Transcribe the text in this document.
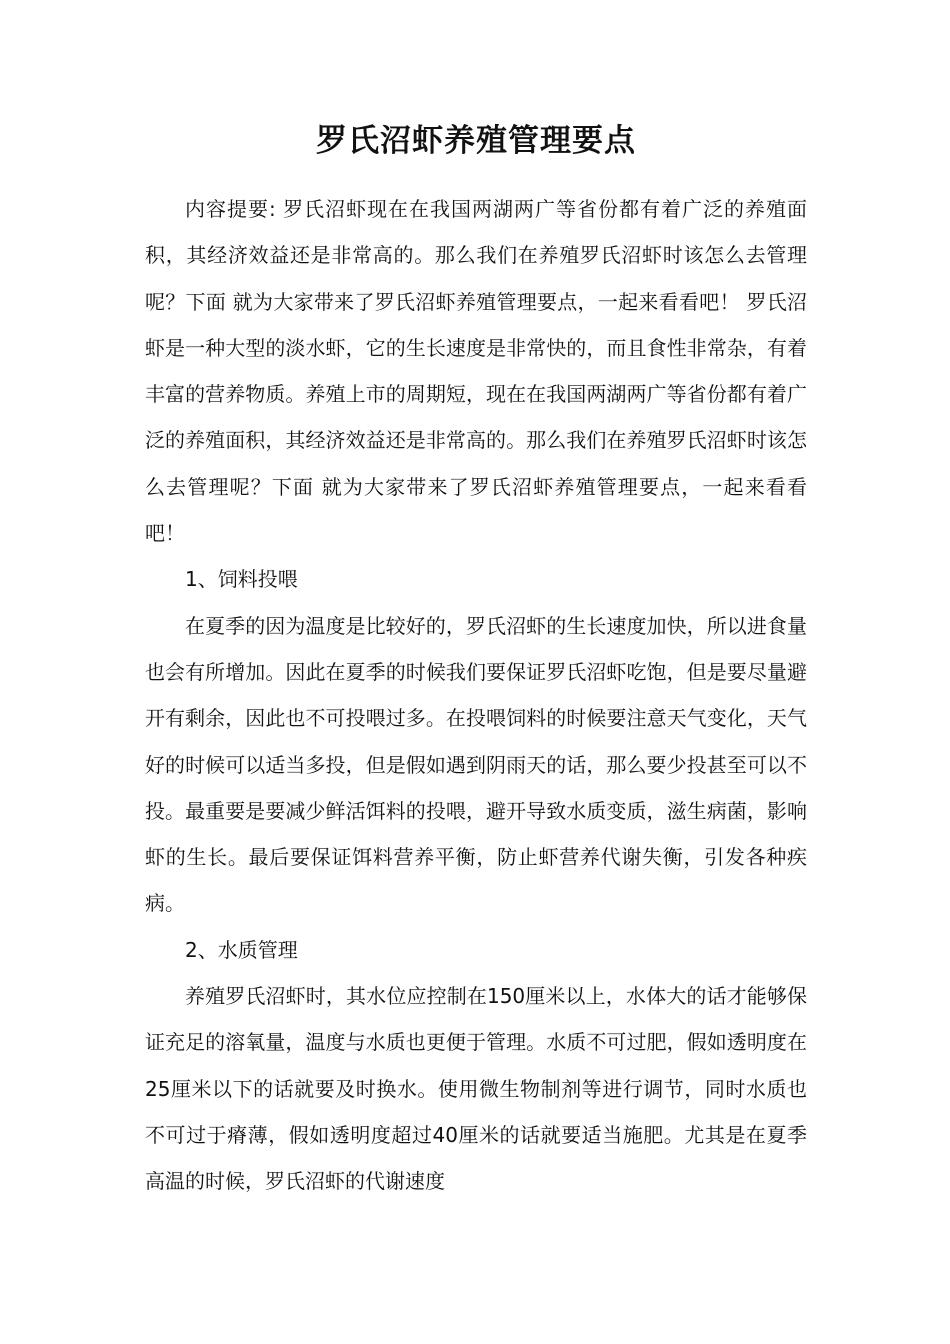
罗氏沼虾养殖管理要点

内容提要: 罗氏沼虾现在在我国两湖两广等省份都有着广泛的养殖面积，其经济效益还是非常高的。那么我们在养殖罗氏沼虾时该怎么去管理呢？下面 就为大家带来了罗氏沼虾养殖管理要点，一起来看看吧！ 罗氏沼虾是一种大型的淡水虾，它的生长速度是非常快的，而且食性非常杂，有着丰富的营养物质。养殖上市的周期短，现在在我国两湖两广等省份都有着广泛的养殖面积，其经济效益还是非常高的。那么我们在养殖罗氏沼虾时该怎么去管理呢？下面 就为大家带来了罗氏沼虾养殖管理要点，一起来看看吧！

1、饲料投喂

在夏季的因为温度是比较好的，罗氏沼虾的生长速度加快，所以进食量也会有所增加。因此在夏季的时候我们要保证罗氏沼虾吃饱，但是要尽量避开有剩余，因此也不可投喂过多。在投喂饲料的时候要注意天气变化，天气好的时候可以适当多投，但是假如遇到阴雨天的话，那么要少投甚至可以不投。最重要是要减少鲜活饵料的投喂，避开导致水质变质，滋生病菌，影响虾的生长。最后要保证饵料营养平衡，防止虾营养代谢失衡，引发各种疾病。

2、水质管理

养殖罗氏沼虾时，其水位应控制在150厘米以上，水体大的话才能够保证充足的溶氧量，温度与水质也更便于管理。水质不可过肥，假如透明度在25厘米以下的话就要及时换水。使用微生物制剂等进行调节，同时水质也不可过于瘠薄，假如透明度超过40厘米的话就要适当施肥。尤其是在夏季高温的时候，罗氏沼虾的代谢速度
